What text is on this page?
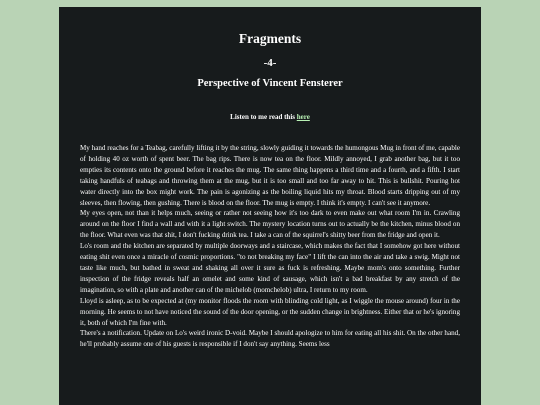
Fragments
-4-
Perspective of Vincent Fensterer
Listen to me read this here

My hand reaches for a Teabag, carefully lifting it by the string, slowly guiding it towards the humongous Mug in front of me, capable of holding 40 oz worth of spent beer. The bag rips. There is now tea on the floor. Mildly annoyed, I grab another bag, but it too empties its contents onto the ground before it reaches the mug. The same thing happens a third time and a fourth, and a fifth. I start taking handfuls of teabags and throwing them at the mug, but it is too small and too far away to hit. This is bullshit. Pouring hot water directly into the box might work. The pain is agonizing as the boiling liquid hits my throat. Blood starts dripping out of my sleeves, then flowing, then gushing. There is blood on the floor. The mug is empty. I think it's empty. I can't see it anymore.

My eyes open, not than it helps much, seeing or rather not seeing how it's too dark to even make out what room I'm in. Crawling around on the floor I find a wall and with it a light switch. The mystery location turns out to actually be the kitchen, minus blood on the floor. What even was that shit, I don't fucking drink tea. I take a can of the squirrel's shitty beer from the fridge and open it.

Lo's room and the kitchen are separated by multiple doorways and a staircase, which makes the fact that I somehow got here without eating shit even once a miracle of cosmic proportions. "to not breaking my face" I lift the can into the air and take a swig. Might not taste like much, but bathed in sweat and shaking all over it sure as fuck is refreshing. Maybe mom's onto something. Further inspection of the fridge reveals half an omelet and some kind of sausage, which isn't a bad breakfast by any stretch of the imagination, so with a plate and another can of the michelob (momchelob) ultra, I return to my room.

Lloyd is asleep, as to be expected at (my monitor floods the room with blinding cold light, as I wiggle the mouse around) four in the morning. He seems to not have noticed the sound of the door opening, or the sudden change in brightness. Either that or he's ignoring it, both of which I'm fine with.

There's a notification. Update on Lo's weird ironic D-void. Maybe I should apologize to him for eating all his shit. On the other hand, he'll probably assume one of his guests is responsible if I don't say anything. Seems less
